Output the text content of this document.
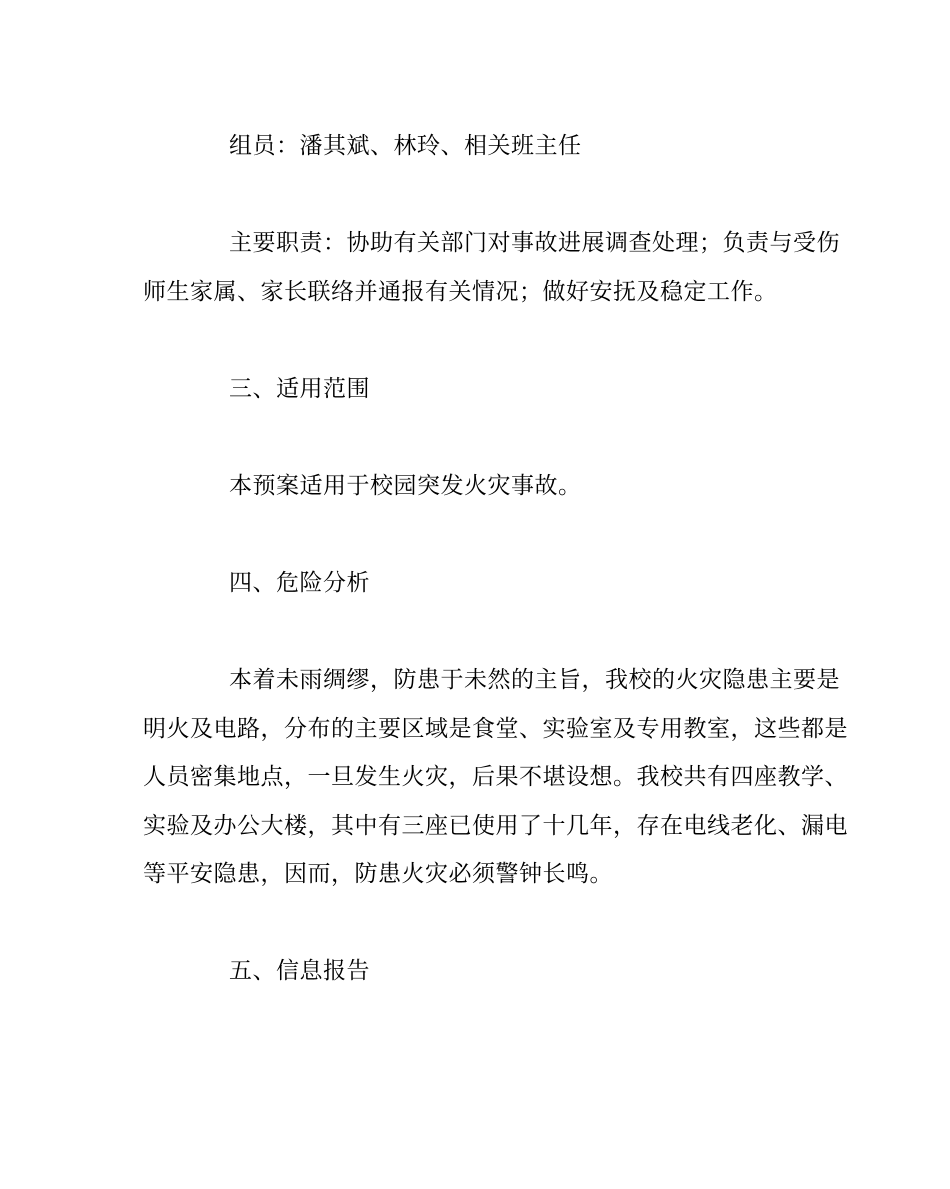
组员：潘其斌、林玲、相关班主任

主要职责：协助有关部门对事故进展调查处理；负责与受伤

师生家属、家长联络并通报有关情况；做好安抚及稳定工作。

三、适用范围

本预案适用于校园突发火灾事故。

四、危险分析

本着未雨绸缪，防患于未然的主旨，我校的火灾隐患主要是

明火及电路，分布的主要区域是食堂、实验室及专用教室，这些都是

人员密集地点，一旦发生火灾，后果不堪设想。我校共有四座教学、

实验及办公大楼，其中有三座已使用了十几年，存在电线老化、漏电

等平安隐患，因而，防患火灾必须警钟长鸣。

五、信息报告
